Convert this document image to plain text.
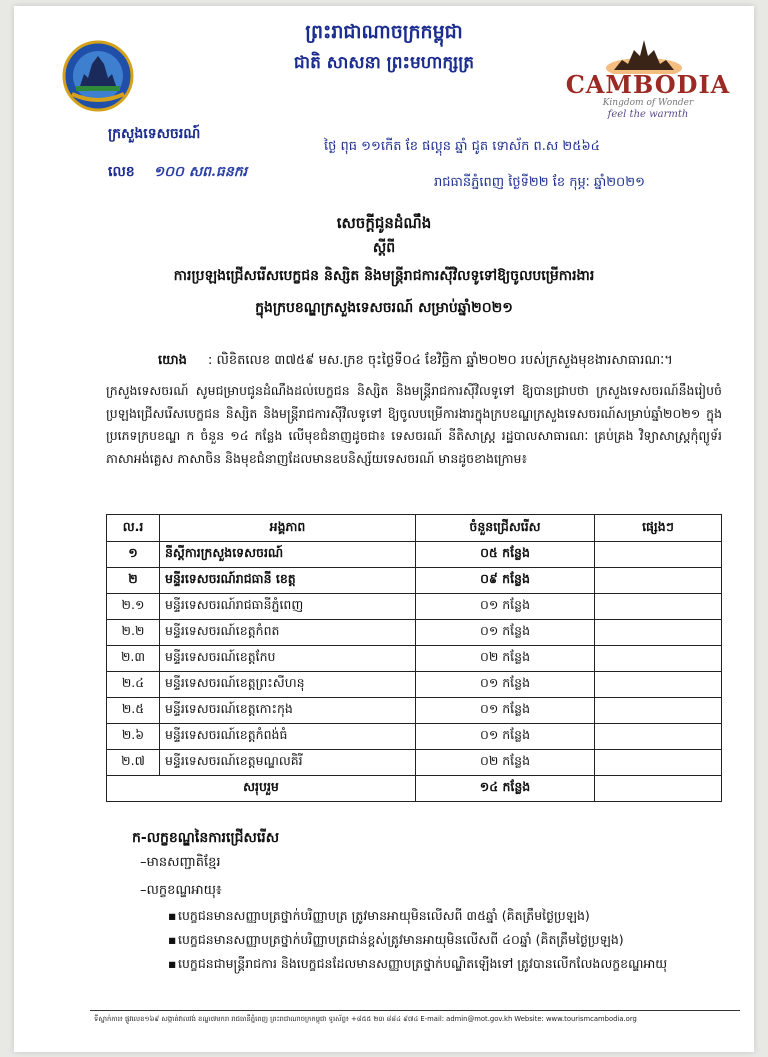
CAMBODIA
Kingdom of Wonder
feel the warmth
ព្រះរាជាណាចក្រកម្ពុជា
ជាតិ សាសនា ព្រះមហាក្សត្រ
ក្រសួងទេសចរណ៍
លេខ ១០០ សព.ធនករ
ថ្ងៃ ពុធ ១១កើត ខែ ផល្គុន ឆ្នាំ ជូត ទោស័ក ព.ស ២៥៦៤
រាជធានីភ្នំពេញ ថ្ងៃទី២២ ខែ កុម្ភៈ ឆ្នាំ២០២១
សេចក្តីជូនដំណឹង
ស្តីពី
ការប្រឡងជ្រើសរើសបេក្ខជន និស្សិត និងមន្ត្រីរាជការស៊ីវិលទូទៅឱ្យចូលបម្រើការងារ
ក្នុងក្របខណ្ឌក្រសួងទេសចរណ៍ សម្រាប់ឆ្នាំ២០២១
យោង : លិខិតលេខ ៣៧៥៩ មស.ក្រខ ចុះថ្ងៃទី០៤ ខែវិច្ឆិកា ឆ្នាំ២០២០ របស់ក្រសួងមុខងារសាធារណៈ។
ក្រសួងទេសចរណ៍ សូមជម្រាបជូនដំណឹងដល់បេក្ខជន និស្សិត និងមន្ត្រីរាជការស៊ីវិលទូទៅ ឱ្យបានជ្រាបថា ក្រសួងទេសចរណ៍នឹងរៀបចំប្រឡងជ្រើសរើសបេក្ខជន និស្សិត និងមន្ត្រីរាជការស៊ីវិលទូទៅ ឱ្យចូលបម្រើការងារក្នុងក្របខណ្ឌក្រសួងទេសចរណ៍សម្រាប់ឆ្នាំ២០២១ ក្នុងប្រភេទក្របខណ្ឌ ក ចំនួន ១៤ កន្លែង លើមុខជំនាញដូចជា៖ ទេសចរណ៍ នីតិសាស្ត្រ រដ្ឋបាលសាធារណៈ គ្រប់គ្រង វិទ្យាសាស្ត្រកុំព្យូទ័រ ភាសាអង់គ្លេស ភាសាចិន និងមុខជំនាញដែលមានឧបនិស្ស័យទេសចរណ៍ មានដូចខាងក្រោម៖
ល.រ	អង្គភាព	ចំនួនជ្រើសរើស	ផ្សេងៗ
១	នីស្តីការក្រសួងទេសចរណ៍	០៥ កន្លែង	
២	មន្ទីរទេសចរណ៍រាជធានី ខេត្ត	០៩ កន្លែង	
២.១	មន្ទីរទេសចរណ៍រាជធានីភ្នំពេញ	០១ កន្លែង	
២.២	មន្ទីរទេសចរណ៍ខេត្តកំពត	០១ កន្លែង	
២.៣	មន្ទីរទេសចរណ៍ខេត្តកែប	០២ កន្លែង	
២.៤	មន្ទីរទេសចរណ៍ខេត្តព្រះសីហនុ	០១ កន្លែង	
២.៥	មន្ទីរទេសចរណ៍ខេត្តកោះកុង	០១ កន្លែង	
២.៦	មន្ទីរទេសចរណ៍ខេត្តកំពង់ធំ	០១ កន្លែង	
២.៧	មន្ទីរទេសចរណ៍ខេត្តមណ្ឌលគិរី	០២ កន្លែង	
សរុបរួម		១៤ កន្លែង	
ក-លក្ខខណ្ឌនៃការជ្រើសរើស
–មានសញ្ជាតិខ្មែរ
–លក្ខខណ្ឌអាយុ៖
▪ បេក្ខជនមានសញ្ញាបត្រថ្នាក់បរិញ្ញាបត្រ ត្រូវមានអាយុមិនលើសពី ៣៥ឆ្នាំ (គិតត្រឹមថ្ងៃប្រឡង)
▪ បេក្ខជនមានសញ្ញាបត្រថ្នាក់បរិញ្ញាបត្រជាន់ខ្ពស់ត្រូវមានអាយុមិនលើសពី ៤០ឆ្នាំ (គិតត្រឹមថ្ងៃប្រឡង)
▪ បេក្ខជនជាមន្ត្រីរាជការ និងបេក្ខជនដែលមានសញ្ញាបត្រថ្នាក់បណ្ឌិតឡើងទៅ ត្រូវបានលើកលែងលក្ខខណ្ឌអាយុ
ទីស្នាក់ការ៖ ផ្លូវលេខ១៦៩ សង្កាត់វាលវង់ ខណ្ឌ៧មករា រាជធានីភ្នំពេញ ព្រះរាជាណាចក្រកម្ពុជា ទូរស័ព្ទ៖ +៨៥៥ ២៣ ៨៨៤ ៩៧៤ E-mail: admin@mot.gov.kh Website: www.tourismcambodia.org
